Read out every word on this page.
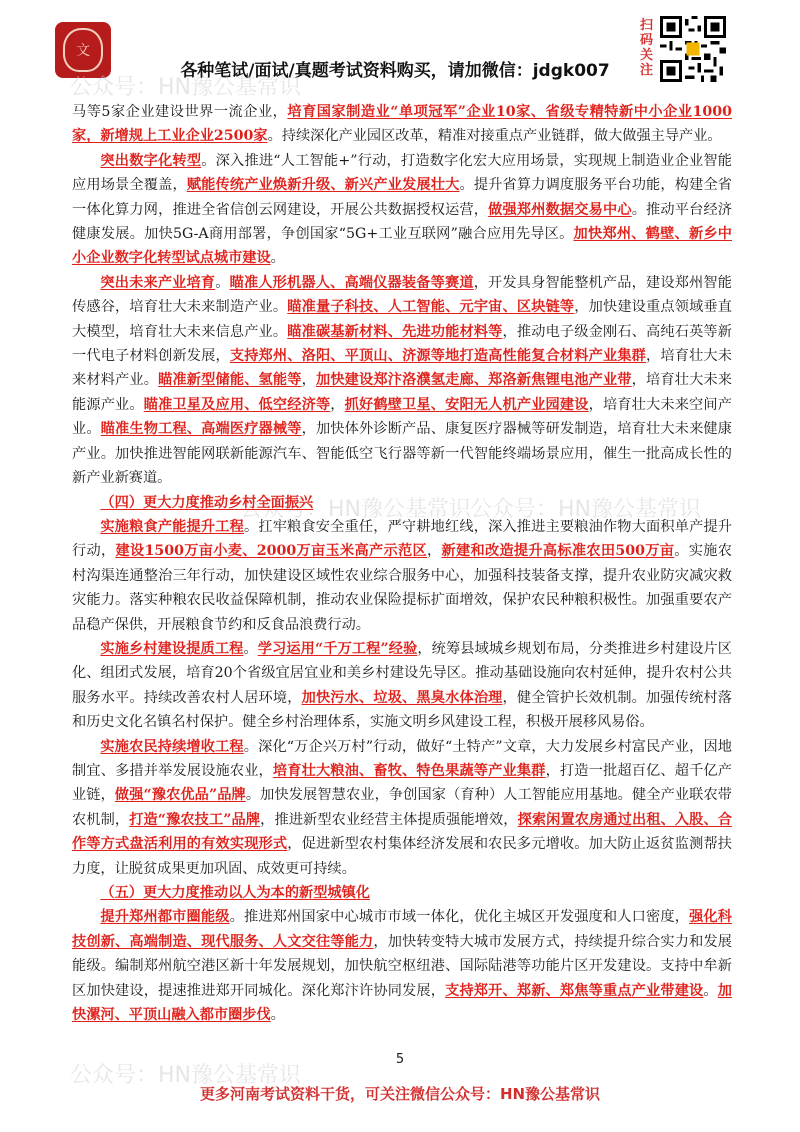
文
各种笔试/面试/真题考试资料购买，请加微信：jdgk007
扫码关注
公众号：HN豫公基常识
公众号：HN豫公基常识
公众号：HN豫公基常识
公众号：HN豫公基常识

马等5家企业建设世界一流企业，培育国家制造业“单项冠军”企业10家、省级专精特新中小企业1000家，新增规上工业企业2500家。持续深化产业园区改革，精准对接重点产业链群，做大做强主导产业。

突出数字化转型。深入推进“人工智能+”行动，打造数字化宏大应用场景，实现规上制造业企业智能应用场景全覆盖，赋能传统产业焕新升级、新兴产业发展壮大。提升省算力调度服务平台功能，构建全省一体化算力网，推进全省信创云网建设，开展公共数据授权运营，做强郑州数据交易中心。推动平台经济健康发展。加快5G-A商用部署，争创国家“5G+工业互联网”融合应用先导区。加快郑州、鹤壁、新乡中小企业数字化转型试点城市建设。

突出未来产业培育。瞄准人形机器人、高端仪器装备等赛道，开发具身智能整机产品，建设郑州智能传感谷，培育壮大未来制造产业。瞄准量子科技、人工智能、元宇宙、区块链等，加快建设重点领域垂直大模型，培育壮大未来信息产业。瞄准碳基新材料、先进功能材料等，推动电子级金刚石、高纯石英等新一代电子材料创新发展，支持郑州、洛阳、平顶山、济源等地打造高性能复合材料产业集群，培育壮大未来材料产业。瞄准新型储能、氢能等，加快建设郑汴洛濮氢走廊、郑洛新焦锂电池产业带，培育壮大未来能源产业。瞄准卫星及应用、低空经济等，抓好鹤壁卫星、安阳无人机产业园建设，培育壮大未来空间产业。瞄准生物工程、高端医疗器械等，加快体外诊断产品、康复医疗器械等研发制造，培育壮大未来健康产业。加快推进智能网联新能源汽车、智能低空飞行器等新一代智能终端场景应用，催生一批高成长性的新产业新赛道。

（四）更大力度推动乡村全面振兴

实施粮食产能提升工程。扛牢粮食安全重任，严守耕地红线，深入推进主要粮油作物大面积单产提升行动，建设1500万亩小麦、2000万亩玉米高产示范区，新建和改造提升高标准农田500万亩。实施农村沟渠连通整治三年行动，加快建设区域性农业综合服务中心，加强科技装备支撑，提升农业防灾减灾救灾能力。落实种粮农民收益保障机制，推动农业保险提标扩面增效，保护农民种粮积极性。加强重要农产品稳产保供，开展粮食节约和反食品浪费行动。

实施乡村建设提质工程。学习运用“千万工程”经验，统筹县域城乡规划布局，分类推进乡村建设片区化、组团式发展，培育20个省级宜居宜业和美乡村建设先导区。推动基础设施向农村延伸，提升农村公共服务水平。持续改善农村人居环境，加快污水、垃圾、黑臭水体治理，健全管护长效机制。加强传统村落和历史文化名镇名村保护。健全乡村治理体系，实施文明乡风建设工程，积极开展移风易俗。

实施农民持续增收工程。深化“万企兴万村”行动，做好“土特产”文章，大力发展乡村富民产业，因地制宜、多措并举发展设施农业，培育壮大粮油、畜牧、特色果蔬等产业集群，打造一批超百亿、超千亿产业链，做强“豫农优品”品牌。加快发展智慧农业，争创国家（育种）人工智能应用基地。健全产业联农带农机制，打造“豫农技工”品牌，推进新型农业经营主体提质强能增效，探索闲置农房通过出租、入股、合作等方式盘活利用的有效实现形式，促进新型农村集体经济发展和农民多元增收。加大防止返贫监测帮扶力度，让脱贫成果更加巩固、成效更可持续。

（五）更大力度推动以人为本的新型城镇化

提升郑州都市圈能级。推进郑州国家中心城市市域一体化，优化主城区开发强度和人口密度，强化科技创新、高端制造、现代服务、人文交往等能力，加快转变特大城市发展方式，持续提升综合实力和发展能级。编制郑州航空港区新十年发展规划，加快航空枢纽港、国际陆港等功能片区开发建设。支持中牟新区加快建设，提速推进郑开同城化。深化郑汴许协同发展，支持郑开、郑新、郑焦等重点产业带建设。加快漯河、平顶山融入都市圈步伐。

5
更多河南考试资料干货，可关注微信公众号：HN豫公基常识
